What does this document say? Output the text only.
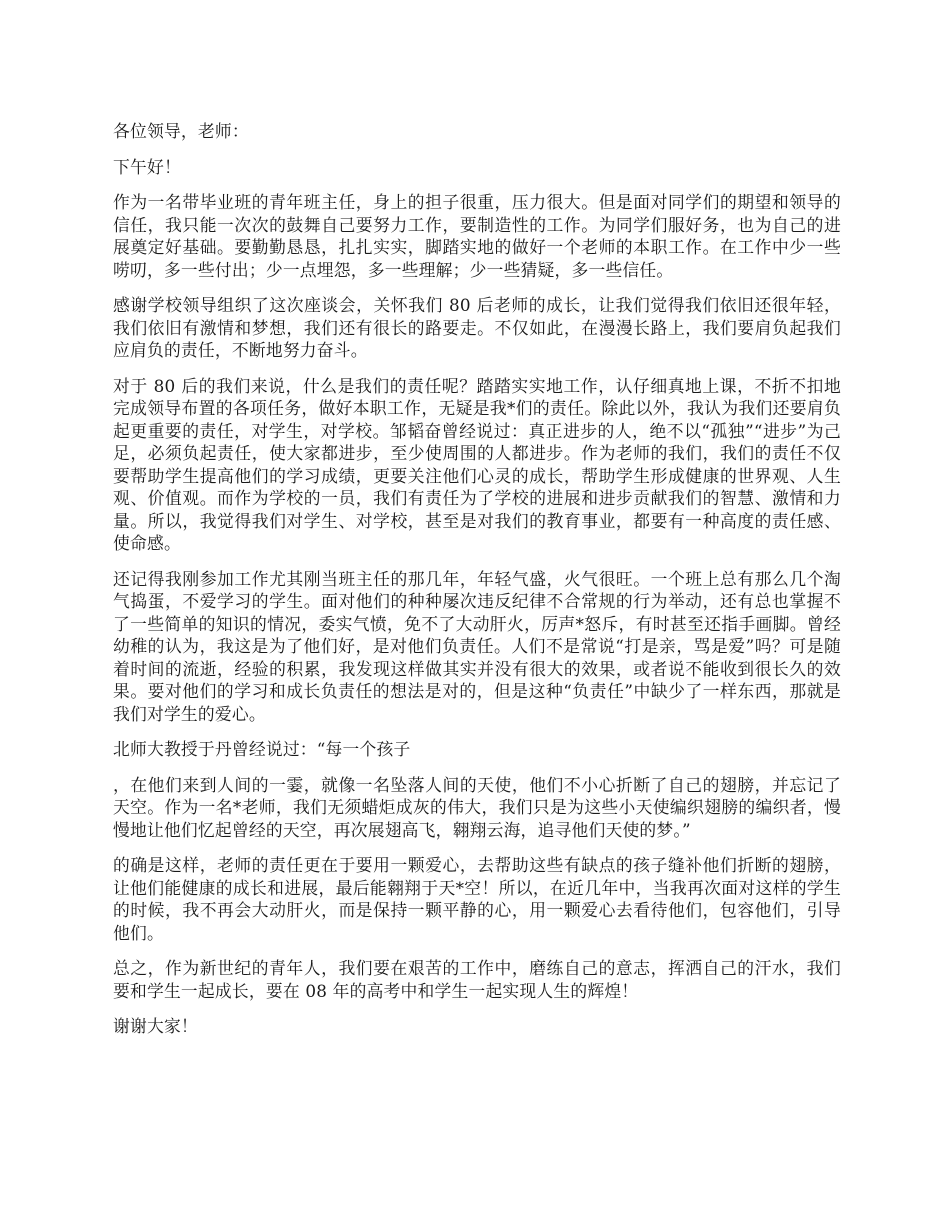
各位领导，老师：

下午好！

作为一名带毕业班的青年班主任，身上的担子很重，压力很大。但是面对同学们的期望和领导的信任，我只能一次次的鼓舞自己要努力工作，要制造性的工作。为同学们服好务，也为自己的进展奠定好基础。要勤勤恳恳，扎扎实实，脚踏实地的做好一个老师的本职工作。在工作中少一些唠叨，多一些付出；少一点埋怨，多一些理解；少一些猜疑，多一些信任。

感谢学校领导组织了这次座谈会，关怀我们 80 后老师的成长，让我们觉得我们依旧还很年轻，我们依旧有激情和梦想，我们还有很长的路要走。不仅如此，在漫漫长路上，我们要肩负起我们应肩负的责任，不断地努力奋斗。

对于 80 后的我们来说，什么是我们的责任呢？踏踏实实地工作，认仔细真地上课，不折不扣地完成领导布置的各项任务，做好本职工作，无疑是我*们的责任。除此以外，我认为我们还要肩负起更重要的责任，对学生，对学校。邹韬奋曾经说过：真正进步的人，绝不以“孤独”“进步”为己足，必须负起责任，使大家都进步，至少使周围的人都进步。作为老师的我们，我们的责任不仅要帮助学生提高他们的学习成绩，更要关注他们心灵的成长，帮助学生形成健康的世界观、人生观、价值观。而作为学校的一员，我们有责任为了学校的进展和进步贡献我们的智慧、激情和力量。所以，我觉得我们对学生、对学校，甚至是对我们的教育事业，都要有一种高度的责任感、使命感。

还记得我刚参加工作尤其刚当班主任的那几年，年轻气盛，火气很旺。一个班上总有那么几个淘气捣蛋，不爱学习的学生。面对他们的种种屡次违反纪律不合常规的行为举动，还有总也掌握不了一些简单的知识的情况，委实气愤，免不了大动肝火，厉声*怒斥，有时甚至还指手画脚。曾经幼稚的认为，我这是为了他们好，是对他们负责任。人们不是常说“打是亲，骂是爱”吗？可是随着时间的流逝，经验的积累，我发现这样做其实并没有很大的效果，或者说不能收到很长久的效果。要对他们的学习和成长负责任的想法是对的，但是这种“负责任”中缺少了一样东西，那就是我们对学生的爱心。

北师大教授于丹曾经说过：“每一个孩子

，在他们来到人间的一霎，就像一名坠落人间的天使，他们不小心折断了自己的翅膀，并忘记了天空。作为一名*老师，我们无须蜡炬成灰的伟大，我们只是为这些小天使编织翅膀的编织者，慢慢地让他们忆起曾经的天空，再次展翅高飞，翱翔云海，追寻他们天使的梦。”

的确是这样，老师的责任更在于要用一颗爱心，去帮助这些有缺点的孩子缝补他们折断的翅膀，让他们能健康的成长和进展，最后能翱翔于天*空！所以，在近几年中，当我再次面对这样的学生的时候，我不再会大动肝火，而是保持一颗平静的心，用一颗爱心去看待他们，包容他们，引导他们。

总之，作为新世纪的青年人，我们要在艰苦的工作中，磨练自己的意志，挥洒自己的汗水，我们要和学生一起成长，要在 08 年的高考中和学生一起实现人生的辉煌！

谢谢大家！
